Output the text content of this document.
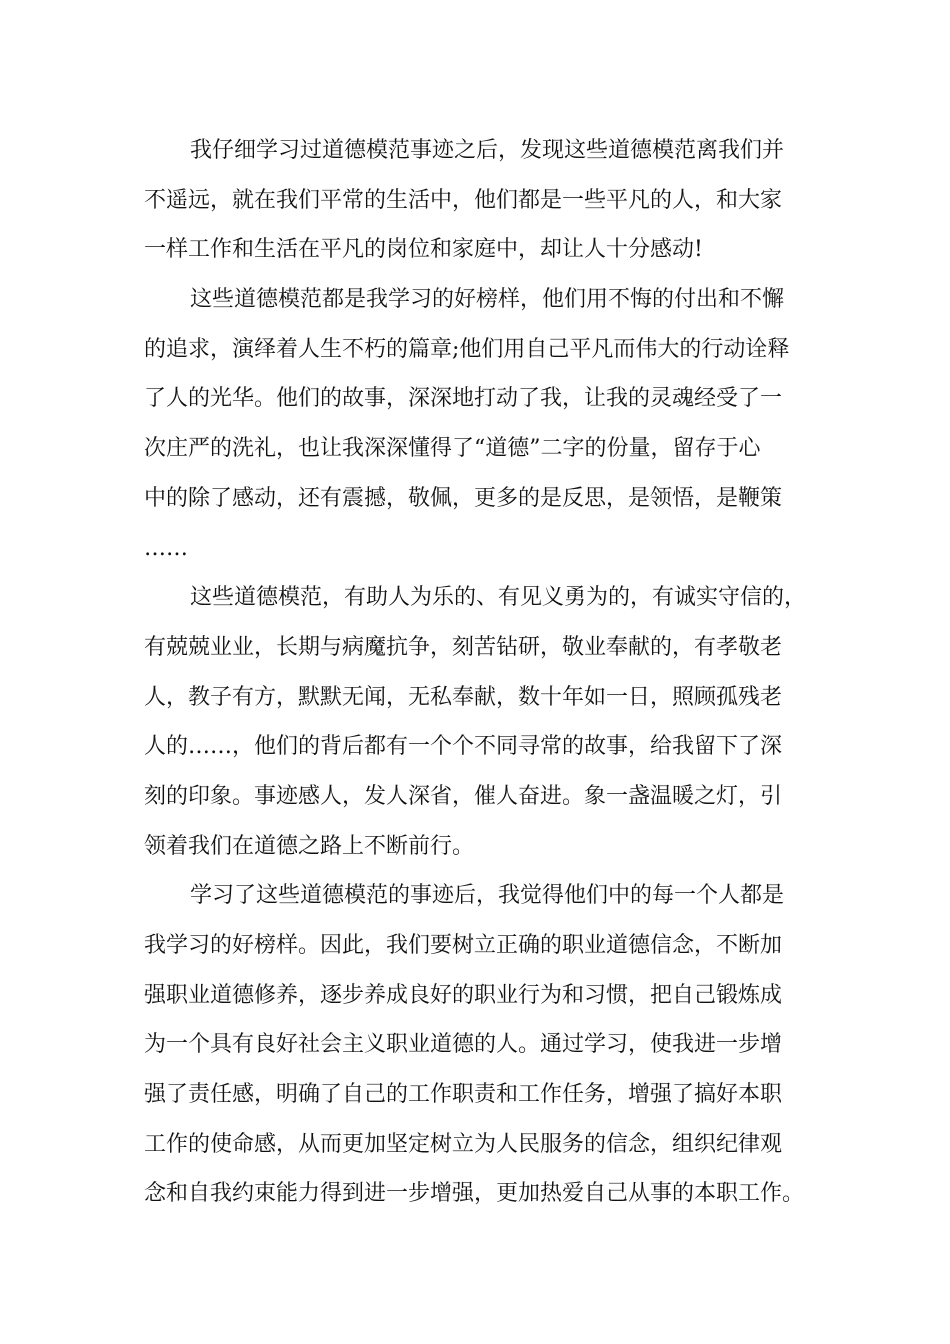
我仔细学习过道德模范事迹之后，发现这些道德模范离我们并
不遥远，就在我们平常的生活中，他们都是一些平凡的人，和大家
一样工作和生活在平凡的岗位和家庭中，却让人十分感动!
这些道德模范都是我学习的好榜样，他们用不悔的付出和不懈
的追求，演绎着人生不朽的篇章;他们用自己平凡而伟大的行动诠释
了人的光华。他们的故事，深深地打动了我，让我的灵魂经受了一
次庄严的洗礼，也让我深深懂得了“道德”二字的份量，留存于心
中的除了感动，还有震撼，敬佩，更多的是反思，是领悟，是鞭策
……
这些道德模范，有助人为乐的、有见义勇为的，有诚实守信的，
有兢兢业业，长期与病魔抗争，刻苦钻研，敬业奉献的，有孝敬老
人，教子有方，默默无闻，无私奉献，数十年如一日，照顾孤残老
人的……，他们的背后都有一个个不同寻常的故事，给我留下了深
刻的印象。事迹感人，发人深省，催人奋进。象一盏温暖之灯，引
领着我们在道德之路上不断前行。
学习了这些道德模范的事迹后，我觉得他们中的每一个人都是
我学习的好榜样。因此，我们要树立正确的职业道德信念，不断加
强职业道德修养，逐步养成良好的职业行为和习惯，把自己锻炼成
为一个具有良好社会主义职业道德的人。通过学习，使我进一步增
强了责任感，明确了自己的工作职责和工作任务，增强了搞好本职
工作的使命感，从而更加坚定树立为人民服务的信念，组织纪律观
念和自我约束能力得到进一步增强，更加热爱自己从事的本职工作。
